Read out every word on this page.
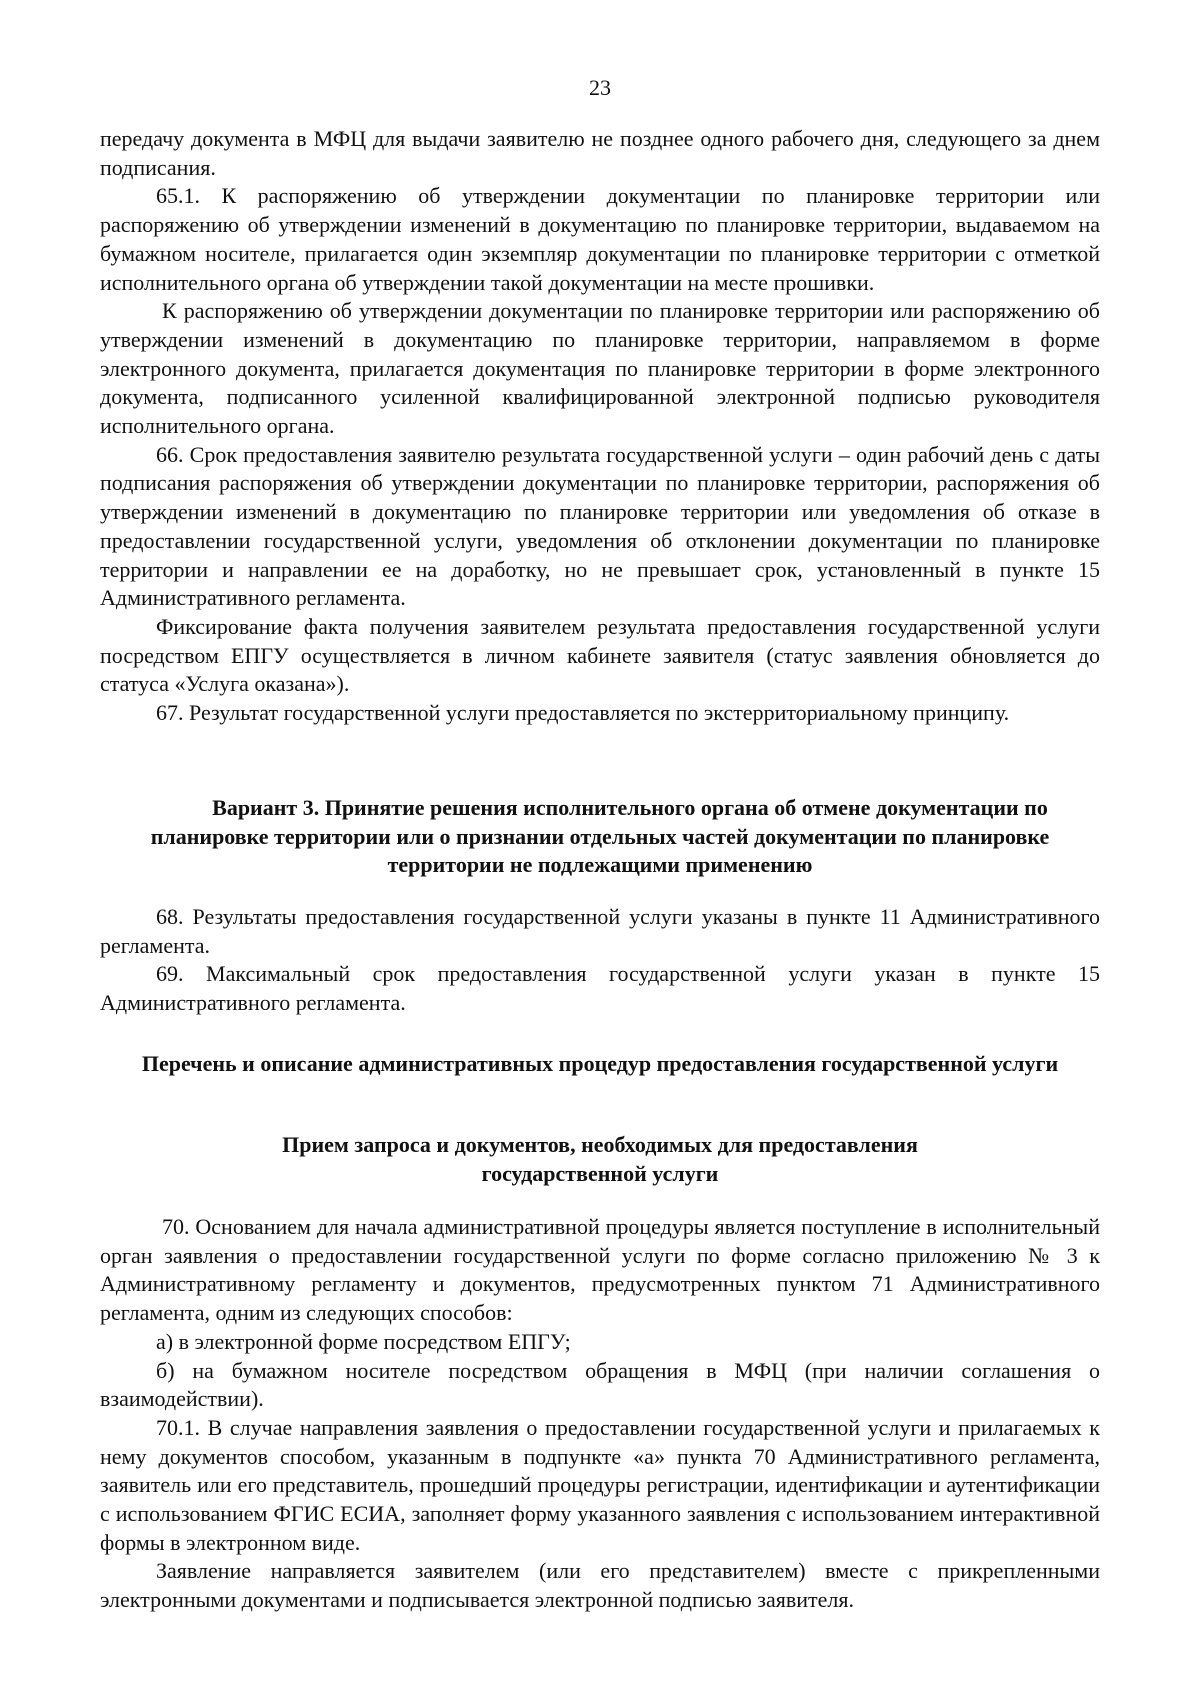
23

передачу документа в МФЦ для выдачи заявителю не позднее одного рабочего дня, следующего за днем подписания.

65.1. К распоряжению об утверждении документации по планировке территории или распоряжению об утверждении изменений в документацию по планировке территории, выдаваемом на бумажном носителе, прилагается один экземпляр документации по планировке территории с отметкой исполнительного органа об утверждении такой документации на месте прошивки.

К распоряжению об утверждении документации по планировке территории или распоряжению об утверждении изменений в документацию по планировке территории, направляемом в форме электронного документа, прилагается документация по планировке территории в форме электронного документа, подписанного усиленной квалифицированной электронной подписью руководителя исполнительного органа.

66. Срок предоставления заявителю результата государственной услуги – один рабочий день с даты подписания распоряжения об утверждении документации по планировке территории, распоряжения об утверждении изменений в документацию по планировке территории или уведомления об отказе в предоставлении государственной услуги, уведомления об отклонении документации по планировке территории и направлении ее на доработку, но не превышает срок, установленный в пункте 15 Административного регламента.

Фиксирование факта получения заявителем результата предоставления государственной услуги посредством ЕПГУ осуществляется в личном кабинете заявителя (статус заявления обновляется до статуса «Услуга оказана»).

67. Результат государственной услуги предоставляется по экстерриториальному принципу.

Вариант 3. Принятие решения исполнительного органа об отмене документации по
планировке территории или о признании отдельных частей документации по планировке
территории не подлежащими применению

68. Результаты предоставления государственной услуги указаны в пункте 11 Административного регламента.

69. Максимальный срок предоставления государственной услуги указан в пункте 15 Административного регламента.

Перечень и описание административных процедур предоставления государственной услуги
Прием запроса и документов, необходимых для предоставления
государственной услуги

70. Основанием для начала административной процедуры является поступление в исполнительный орган заявления о предоставлении государственной услуги по форме согласно приложению № 3 к Административному регламенту и документов, предусмотренных пунктом 71 Административного регламента, одним из следующих способов:

а) в электронной форме посредством ЕПГУ;

б) на бумажном носителе посредством обращения в МФЦ (при наличии соглашения о взаимодействии).

70.1. В случае направления заявления о предоставлении государственной услуги и прилагаемых к нему документов способом, указанным в подпункте «а» пункта 70 Административного регламента, заявитель или его представитель, прошедший процедуры регистрации, идентификации и аутентификации с использованием ФГИС ЕСИА, заполняет форму указанного заявления с использованием интерактивной формы в электронном виде.

Заявление направляется заявителем (или его представителем) вместе с прикрепленными электронными документами и подписывается электронной подписью заявителя.
